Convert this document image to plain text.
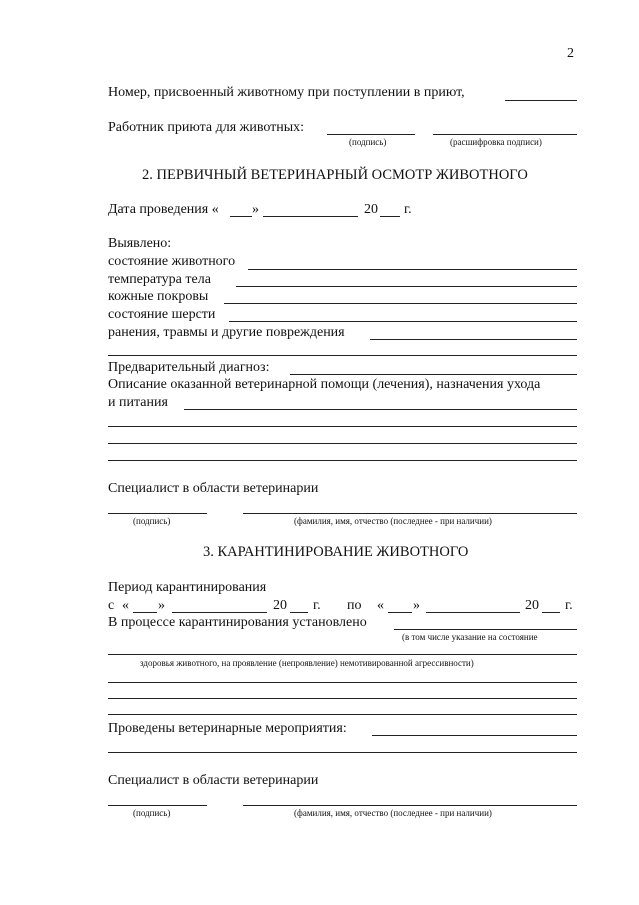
2
Номер, присвоенный животному при поступлении в приют,
Работник приюта для животных:
(подпись)	(расшифровка подписи)
2. ПЕРВИЧНЫЙ ВЕТЕРИНАРНЫЙ ОСМОТР ЖИВОТНОГО
Дата проведения « »	20 г.
Выявлено:
состояние животного
температура тела
кожные покровы
состояние шерсти
ранения, травмы и другие повреждения
Предварительный диагноз:
Описание оказанной ветеринарной помощи (лечения), назначения ухода
и питания
Специалист в области ветеринарии
(подпись)	(фамилия, имя, отчество (последнее - при наличии)
3. КАРАНТИНИРОВАНИЕ ЖИВОТНОГО
Период карантинирования
с « »	20 г. по « »	20 г.
В процессе карантинирования установлено
(в том числе указание на состояние
здоровья животного, на проявление (непроявление) немотивированной агрессивности)
Проведены ветеринарные мероприятия:
Специалист в области ветеринарии
(подпись)	(фамилия, имя, отчество (последнее - при наличии)
